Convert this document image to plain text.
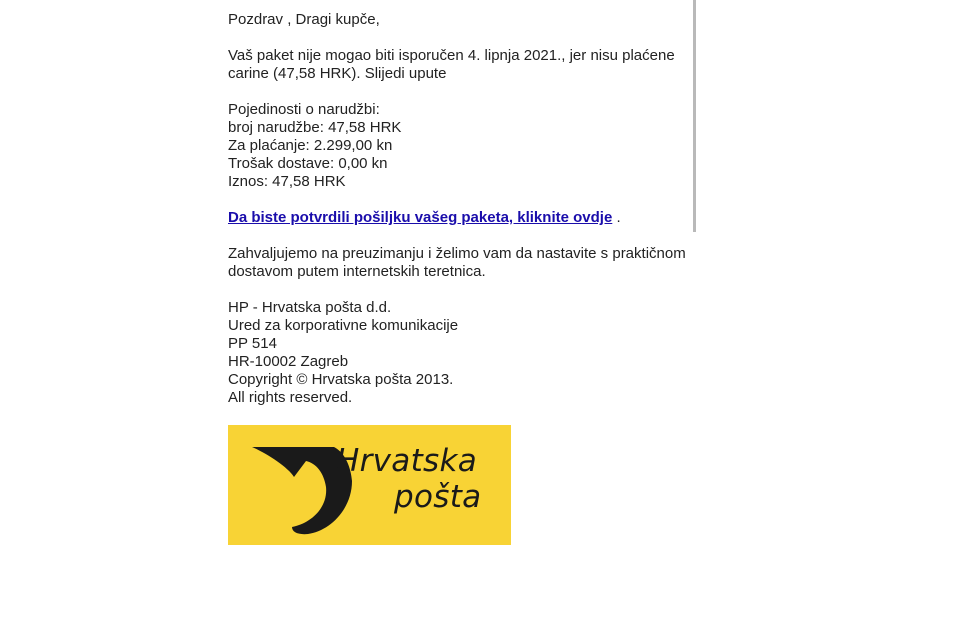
Pozdrav , Dragi kupče,
Vaš paket nije mogao biti isporučen 4. lipnja 2021., jer nisu plaćene carine (47,58 HRK). Slijedi upute
Pojedinosti o narudžbi:
broj narudžbe: 47,58 HRK
Za plaćanje: 2.299,00 kn
Trošak dostave: 0,00 kn
Iznos: 47,58 HRK
Da biste potvrdili pošiljku vašeg paketa, kliknite ovdje .
Zahvaljujemo na preuzimanju i želimo vam da nastavite s praktičnom dostavom putem internetskih teretnica.
HP - Hrvatska pošta d.d.
Ured za korporativne komunikacije
PP 514
HR-10002 Zagreb
Copyright © Hrvatska pošta 2013.
All rights reserved.
Hrvatska
pošta
